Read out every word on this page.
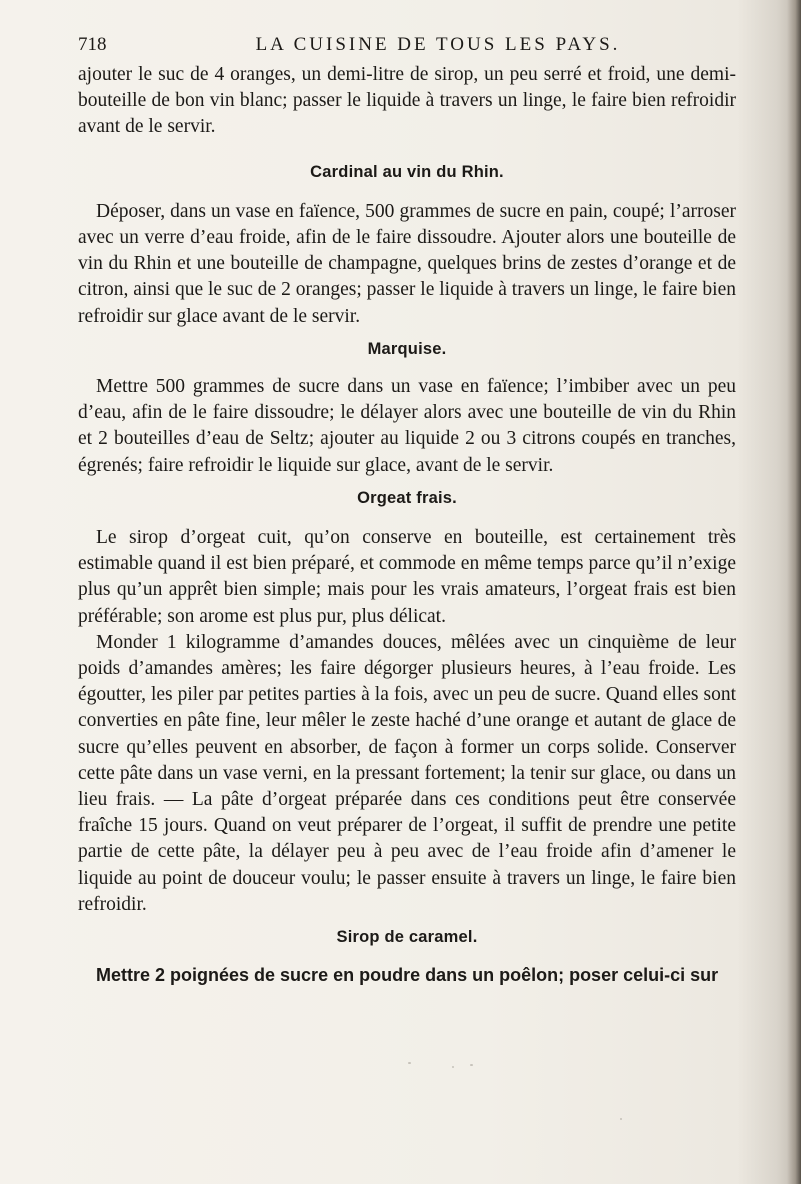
718	LA CUISINE DE TOUS LES PAYS.

ajouter le suc de 4 oranges, un demi-litre de sirop, un peu serré et froid, une demi-bouteille de bon vin blanc; passer le liquide à travers un linge, le faire bien refroidir avant de le servir.

Cardinal au vin du Rhin.

Déposer, dans un vase en faïence, 500 grammes de sucre en pain, coupé; l’arroser avec un verre d’eau froide, afin de le faire dissoudre. Ajouter alors une bouteille de vin du Rhin et une bouteille de champagne, quelques brins de zestes d’orange et de citron, ainsi que le suc de 2 oranges; passer le liquide à travers un linge, le faire bien refroidir sur glace avant de le servir.

Marquise.

Mettre 500 grammes de sucre dans un vase en faïence; l’imbiber avec un peu d’eau, afin de le faire dissoudre; le délayer alors avec une bouteille de vin du Rhin et 2 bouteilles d’eau de Seltz; ajouter au liquide 2 ou 3 citrons coupés en tranches, égrenés; faire refroidir le liquide sur glace, avant de le servir.

Orgeat frais.

Le sirop d’orgeat cuit, qu’on conserve en bouteille, est certainement très estimable quand il est bien préparé, et commode en même temps parce qu’il n’exige plus qu’un apprêt bien simple; mais pour les vrais amateurs, l’orgeat frais est bien préférable; son arome est plus pur, plus délicat.

Monder 1 kilogramme d’amandes douces, mêlées avec un cinquième de leur poids d’amandes amères; les faire dégorger plusieurs heures, à l’eau froide. Les égoutter, les piler par petites parties à la fois, avec un peu de sucre. Quand elles sont converties en pâte fine, leur mêler le zeste haché d’une orange et autant de glace de sucre qu’elles peuvent en absorber, de façon à former un corps solide. Conserver cette pâte dans un vase verni, en la pressant fortement; la tenir sur glace, ou dans un lieu frais. — La pâte d’orgeat préparée dans ces conditions peut être conservée fraîche 15 jours. Quand on veut préparer de l’orgeat, il suffit de prendre une petite partie de cette pâte, la délayer peu à peu avec de l’eau froide afin d’amener le liquide au point de douceur voulu; le passer ensuite à travers un linge, le faire bien refroidir.

Sirop de caramel.

Mettre 2 poignées de sucre en poudre dans un poêlon; poser celui-ci sur
